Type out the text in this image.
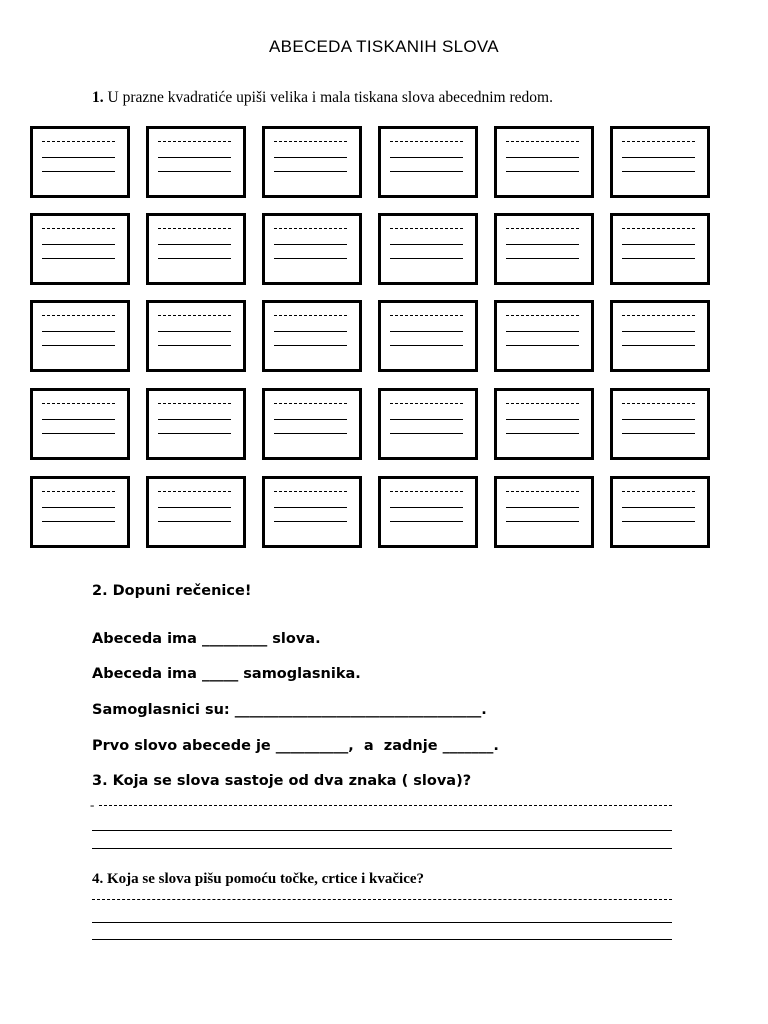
ABECEDA TISKANIH SLOVA
1. U prazne kvadratiće upiši velika i mala tiskana slova abecednim redom.
2. Dopuni rečenice!
Abeceda ima _________ slova.
Abeceda ima _____ samoglasnika.
Samoglasnici su: __________________________________.
Prvo slovo abecede je __________,  a  zadnje _______.
3. Koja se slova sastoje od dva znaka ( slova)?
-
4. Koja se slova pišu pomoću točke, crtice i kvačice?
